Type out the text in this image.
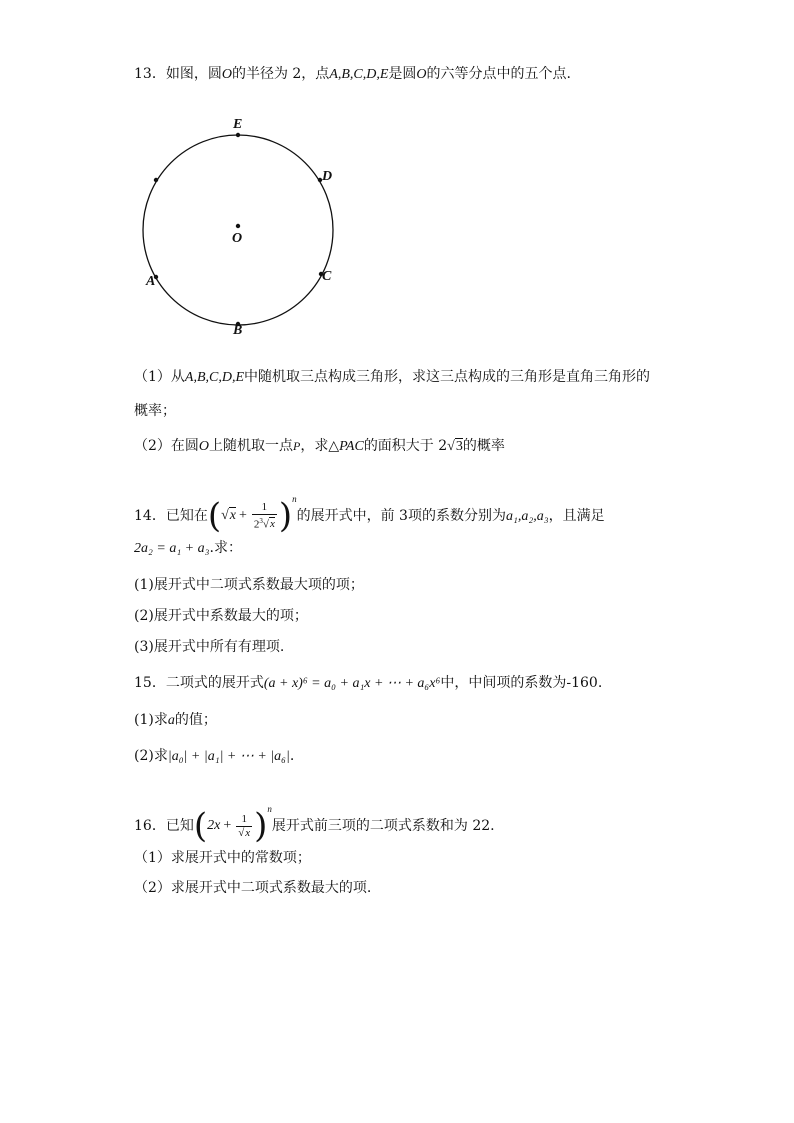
13．如图，圆O的半径为 2，点A,B,C,D,E是圆O的六等分点中的五个点.
E
D
O
A	C
B
（1）从A,B,C,D,E中随机取三点构成三角形，求这三点构成的三角形是直角三角形的
概率；
（2）在圆O上随机取一点P，求△PAC的面积大于 2√3的概率
14．已知在$(√x + \frac{1}{2^3√x} )^n$的展开式中，前 3项的系数分别为a₁,a₂,a₃，且满足
2a₂ = a₁ + a₃.求：
(1)展开式中二项式系数最大项的项；
(2)展开式中系数最大的项；
(3)展开式中所有有理项.
15．二项式的展开式(a + x)⁶ = a₀ + a₁x + ⋯ + a₆x⁶中，中间项的系数为-160.
(1)求a的值；
(2)求|a₀| + |a₁| + ⋯ + |a₆|.
16．已知$(2x + \frac{1}{√x} )^n$展开式前三项的二项式系数和为 22.
（1）求展开式中的常数项；
（2）求展开式中二项式系数最大的项.
